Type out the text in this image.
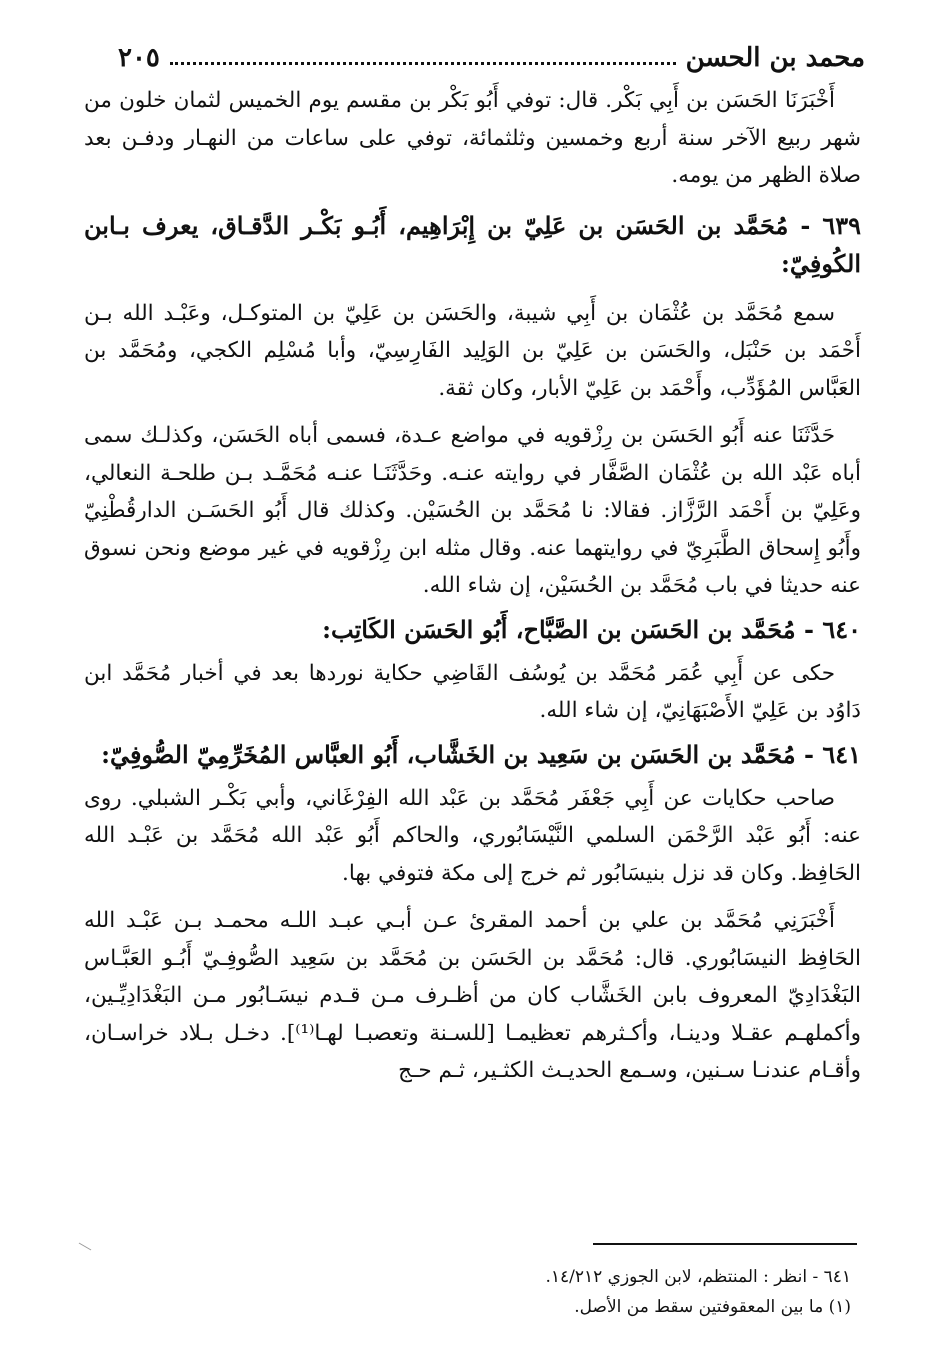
محمد بن الحسن
٢٠٥

أَخْبَرَنَا الحَسَن بن أَبِي بَكْر. قال: توفي أَبُو بَكْر بن مقسم يوم الخميس لثمان خلون من شهر ربيع الآخر سنة أربع وخمسين وثلثمائة، توفي على ساعات من النهـار ودفـن بعد صلاة الظهر من يومه.

٦٣٩ - مُحَمَّد بن الحَسَن بن عَلِيّ بن إِبْرَاهِيم، أَبُـو بَكْـر الدَّقـاق، يعرف بـابن الكُوفِيّ:

سمع مُحَمَّد بن عُثْمَان بن أَبِي شيبة، والحَسَن بن عَلِيّ بن المتوكـل، وعَبْـد الله بـن أَحْمَد بن حَنْبَل، والحَسَن بن عَلِيّ بن الوَلِيد الفَارِسِيّ، وأبا مُسْلِم الكجي، ومُحَمَّد بن العَبَّاس المُؤَدِّب، وأَحْمَد بن عَلِيّ الأبار، وكان ثقة.

حَدَّثَنَا عنه أَبُو الحَسَن بن رِزْقويه في مواضع عـدة، فسمى أباه الحَسَن، وكذلـك سمى أباه عَبْد الله بن عُثْمَان الصَّفَّار في روايته عنـه. وحَدَّثَنَـا عنـه مُحَمَّـد بـن طلحـة النعالي، وعَلِيّ بن أَحْمَد الرَّزَّاز. فقالا: نا مُحَمَّد بن الحُسَيْن. وكذلك قال أَبُو الحَسَـن الدارقُطْنِيّ وأَبُو إِسحاق الطَّبَرِيّ في روايتهما عنه. وقال مثله ابن رِزْقويه في غير موضع ونحن نسوق عنه حديثا في باب مُحَمَّد بن الحُسَيْن، إن شاء الله.

٦٤٠ - مُحَمَّد بن الحَسَن بن الصَّبَّاح، أَبُو الحَسَن الكَاتِب:

حكى عن أَبِي عُمَر مُحَمَّد بن يُوسُف القَاضِي حكاية نوردها بعد في أخبار مُحَمَّد ابن دَاوُد بن عَلِيّ الأَصْبَهَانِيّ، إن شاء الله.

٦٤١ - مُحَمَّد بن الحَسَن بن سَعِيد بن الخَشَّاب، أَبُو العبَّاس المُخَرِّمِيّ الصُّوفِيّ:

صاحب حكايات عن أَبِي جَعْفَر مُحَمَّد بن عَبْد الله الفِرْغَاني، وأبي بَكْـر الشبلي. روى عنه: أَبُو عَبْد الرَّحْمَن السلمي النَّيْسَابُوري، والحاكم أَبُو عَبْد الله مُحَمَّد بن عَبْـد الله الحَافِظ. وكان قد نزل بنيسَابُور ثم خرج إلى مكة فتوفي بها.

أَخْبَرَنِي مُحَمَّد بن علي بن أحمد المقرئ عـن أبـي عبـد اللـه محمـد بـن عَبْـد الله الحَافِظ النيسَابُوري. قال: مُحَمَّد بن الحَسَن بن مُحَمَّد بن سَعِيد الصُّوفِـيّ أَبُـو العَبَّـاس البَغْدَادِيّ المعروف بابن الخَشَّاب كان من أظـرف مـن قـدم نيسَـابُور مـن البَغْدَادِيِّـين، وأكملهـم عقـلا ودينـا، وأكـثرهم تعظيمـا [للسـنة وتعصبـا لهـا⁽¹⁾]. دخـل بـلاد خراسـان، وأقـام عندنـا سـنين، وسـمع الحديـث الكثـير، ثـم حـج

٦٤١ - انظر : المنتظم، لابن الجوزي ١٤/٢١٢.

(١) ما بين المعقوفتين سقط من الأصل.
